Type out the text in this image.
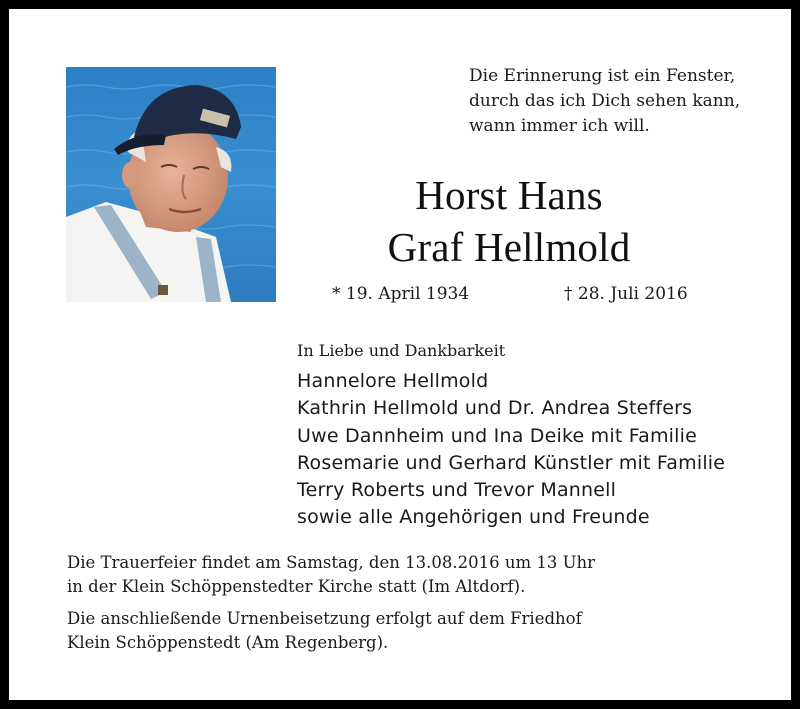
Die Erinnerung ist ein Fenster,
durch das ich Dich sehen kann,
wann immer ich will.
Horst Hans
Graf Hellmold
* 19. April 1934	† 28. Juli 2016
In Liebe und Dankbarkeit
Hannelore Hellmold
Kathrin Hellmold und Dr. Andrea Steffers
Uwe Dannheim und Ina Deike mit Familie
Rosemarie und Gerhard Künstler mit Familie
Terry Roberts und Trevor Mannell
sowie alle Angehörigen und Freunde
Die Trauerfeier findet am Samstag, den 13.08.2016 um 13 Uhr
in der Klein Schöppenstedter Kirche statt (Im Altdorf).
Die anschließende Urnenbeisetzung erfolgt auf dem Friedhof
Klein Schöppenstedt (Am Regenberg).
